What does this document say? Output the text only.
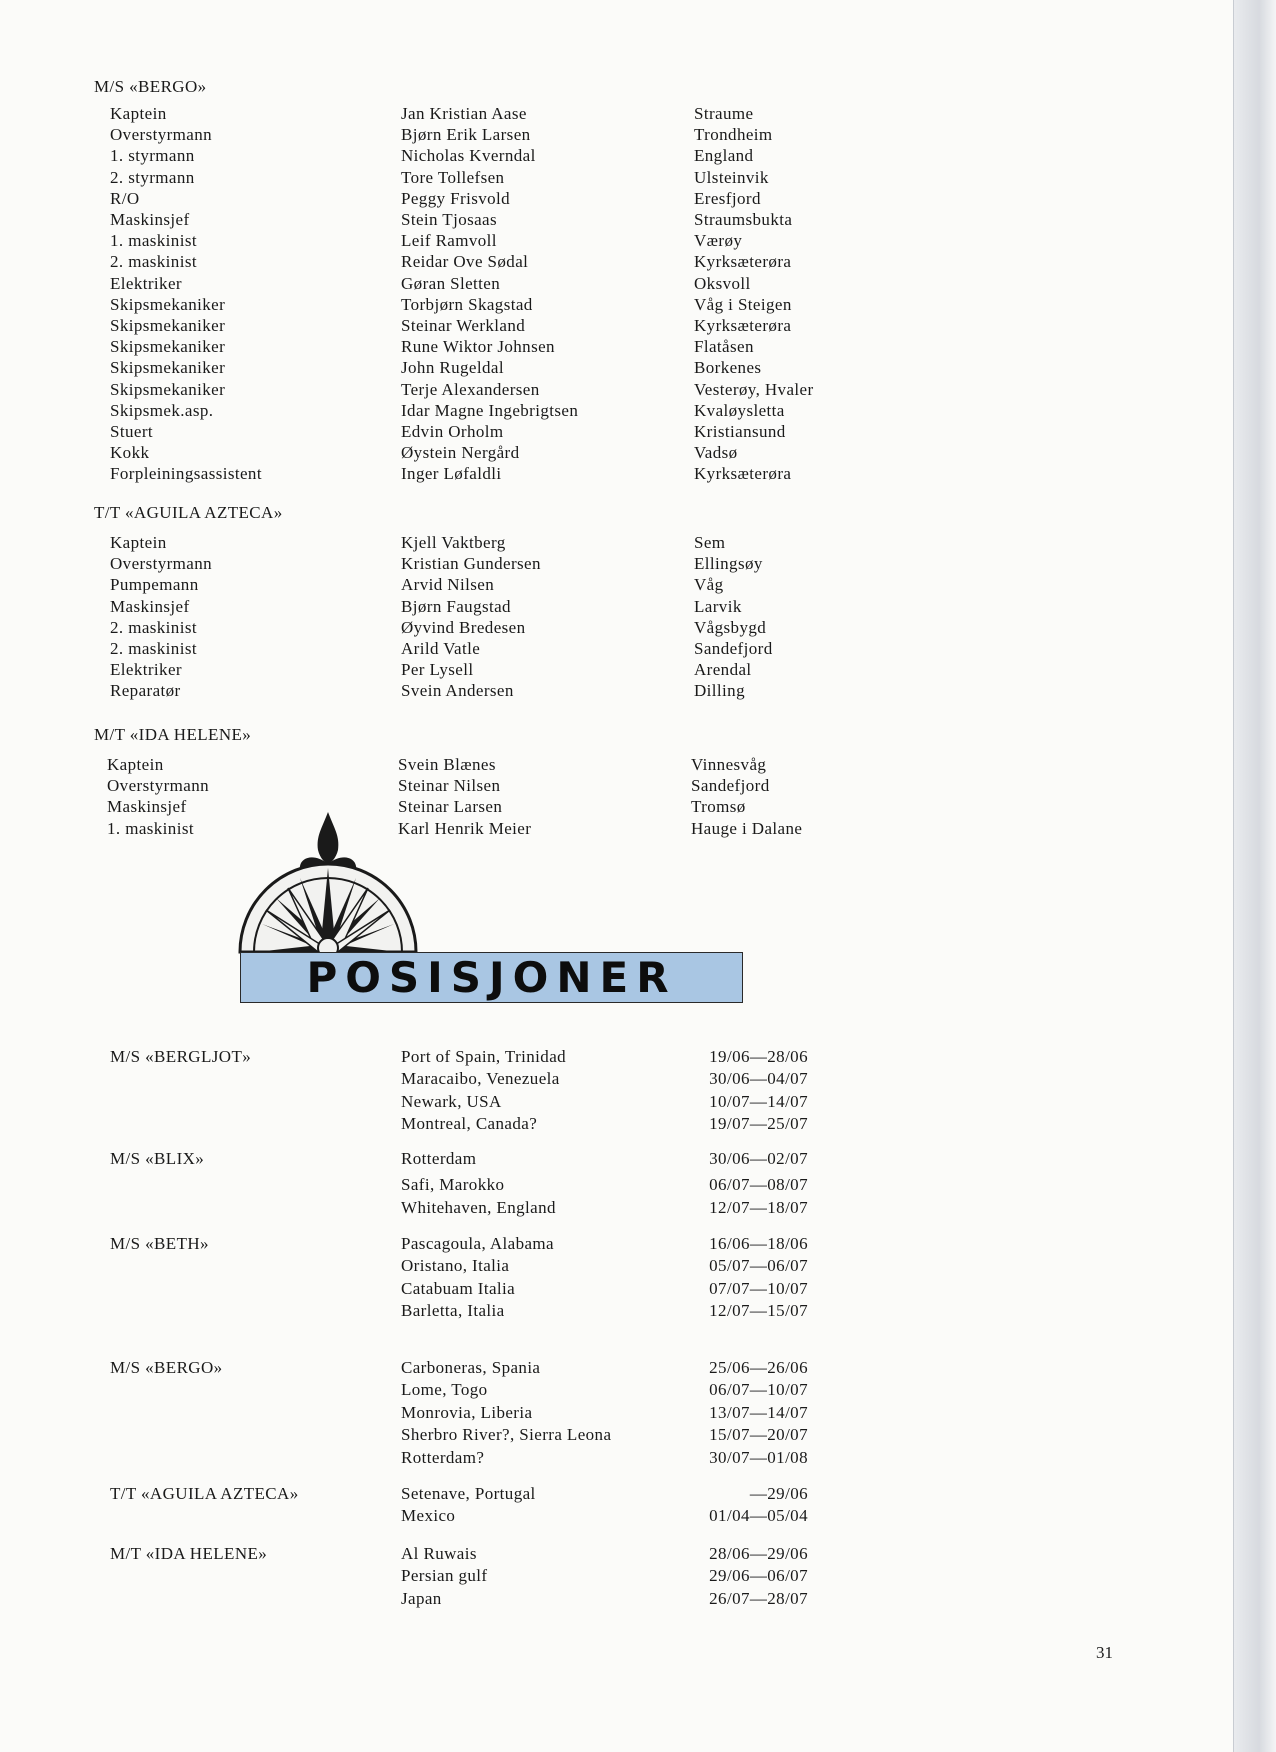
M/S «BERGO»
Kaptein	Jan Kristian Aase	Straume
Overstyrmann	Bjørn Erik Larsen	Trondheim
1. styrmann	Nicholas Kverndal	England
2. styrmann	Tore Tollefsen	Ulsteinvik
R/O	Peggy Frisvold	Eresfjord
Maskinsjef	Stein Tjosaas	Straumsbukta
1. maskinist	Leif Ramvoll	Værøy
2. maskinist	Reidar Ove Sødal	Kyrksæterøra
Elektriker	Gøran Sletten	Oksvoll
Skipsmekaniker	Torbjørn Skagstad	Våg i Steigen
Skipsmekaniker	Steinar Werkland	Kyrksæterøra
Skipsmekaniker	Rune Wiktor Johnsen	Flatåsen
Skipsmekaniker	John Rugeldal	Borkenes
Skipsmekaniker	Terje Alexandersen	Vesterøy, Hvaler
Skipsmek.asp.	Idar Magne Ingebrigtsen	Kvaløysletta
Stuert	Edvin Orholm	Kristiansund
Kokk	Øystein Nergård	Vadsø
Forpleiningsassistent	Inger Løfaldli	Kyrksæterøra
T/T «AGUILA AZTECA»
Kaptein	Kjell Vaktberg	Sem
Overstyrmann	Kristian Gundersen	Ellingsøy
Pumpemann	Arvid Nilsen	Våg
Maskinsjef	Bjørn Faugstad	Larvik
2. maskinist	Øyvind Bredesen	Vågsbygd
2. maskinist	Arild Vatle	Sandefjord
Elektriker	Per Lysell	Arendal
Reparatør	Svein Andersen	Dilling
M/T «IDA HELENE»
Kaptein	Svein Blænes	Vinnesvåg
Overstyrmann	Steinar Nilsen	Sandefjord
Maskinsjef	Steinar Larsen	Tromsø
1. maskinist	Karl Henrik Meier	Hauge i Dalane
POSISJONER
M/S «BERGLJOT»	Port of Spain, Trinidad	19/06—28/06
Maracaibo, Venezuela	30/06—04/07
Newark, USA	10/07—14/07
Montreal, Canada?	19/07—25/07
M/S «BLIX»	Rotterdam	30/06—02/07
Safi, Marokko	06/07—08/07
Whitehaven, England	12/07—18/07
M/S «BETH»	Pascagoula, Alabama	16/06—18/06
Oristano, Italia	05/07—06/07
Catabuam Italia	07/07—10/07
Barletta, Italia	12/07—15/07
M/S «BERGO»	Carboneras, Spania	25/06—26/06
Lome, Togo	06/07—10/07
Monrovia, Liberia	13/07—14/07
Sherbro River?, Sierra Leona	15/07—20/07
Rotterdam?	30/07—01/08
T/T «AGUILA AZTECA»	Setenave, Portugal	—29/06
Mexico	01/04—05/04
M/T «IDA HELENE»	Al Ruwais	28/06—29/06
Persian gulf	29/06—06/07
Japan	26/07—28/07
31
